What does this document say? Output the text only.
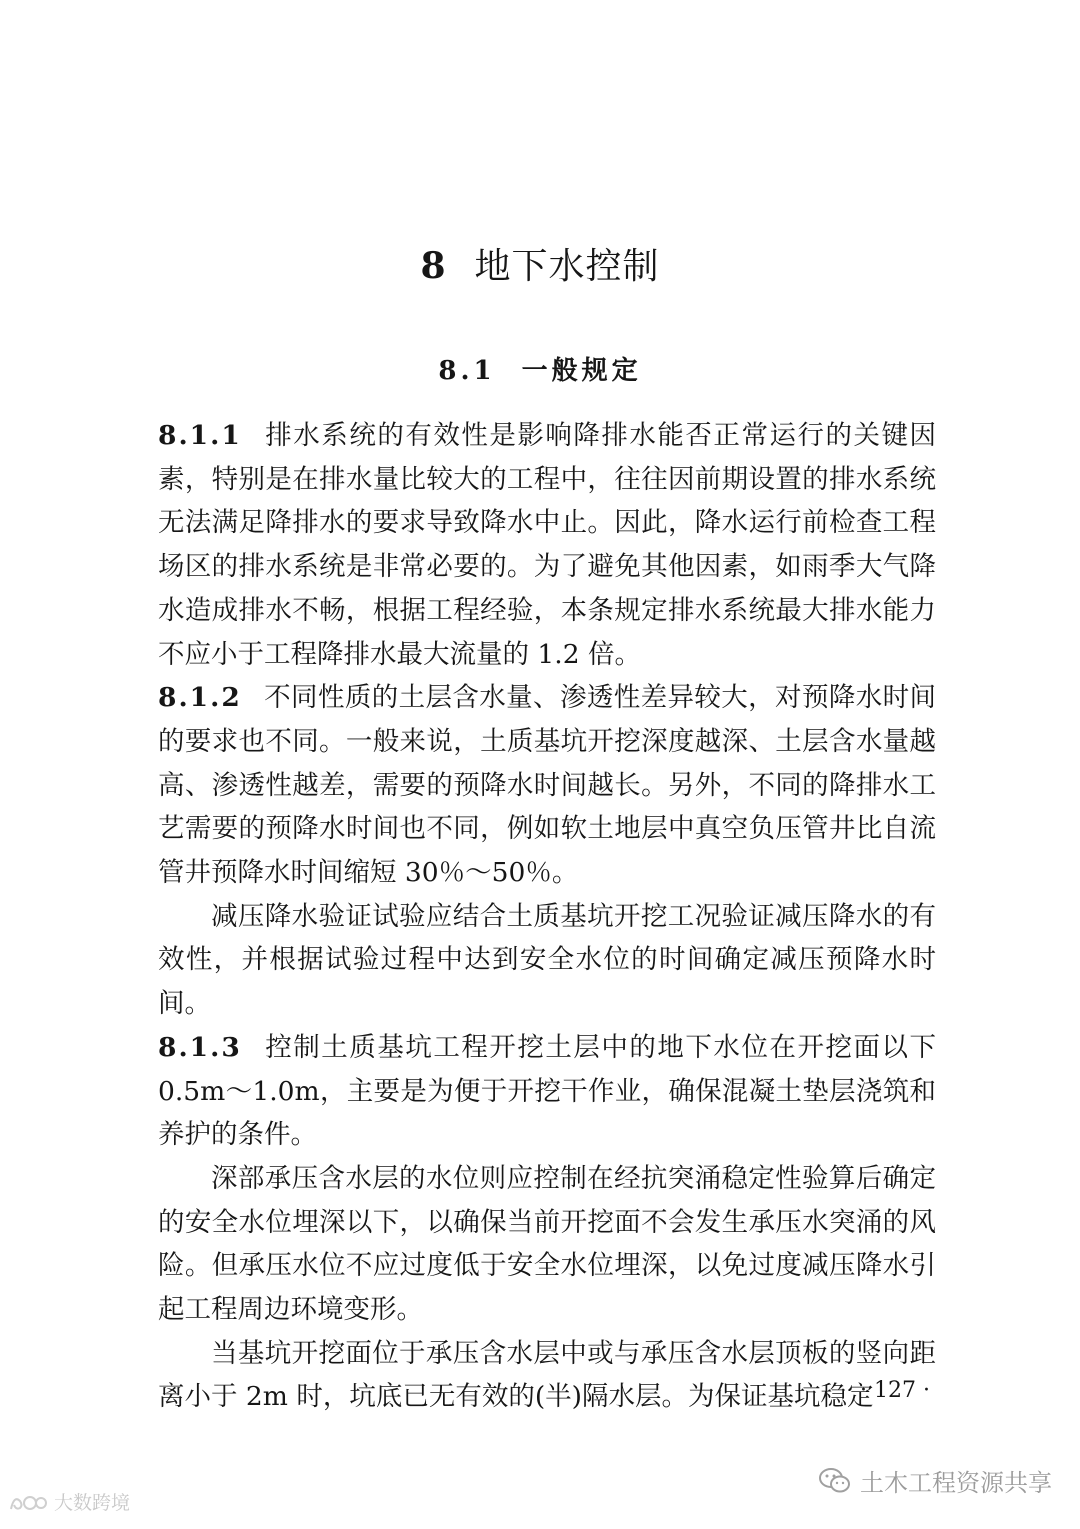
8 地下水控制
8.1 一般规定

8.1.1 排水系统的有效性是影响降排水能否正常运行的关键因素，特别是在排水量比较大的工程中，往往因前期设置的排水系统无法满足降排水的要求导致降水中止。因此，降水运行前检查工程场区的排水系统是非常必要的。为了避免其他因素，如雨季大气降水造成排水不畅，根据工程经验，本条规定排水系统最大排水能力不应小于工程降排水最大流量的 1.2 倍。

8.1.2 不同性质的土层含水量、渗透性差异较大，对预降水时间的要求也不同。一般来说，土质基坑开挖深度越深、土层含水量越高、渗透性越差，需要的预降水时间越长。另外，不同的降排水工艺需要的预降水时间也不同，例如软土地层中真空负压管井比自流管井预降水时间缩短 30％～50％。

减压降水验证试验应结合土质基坑开挖工况验证减压降水的有效性，并根据试验过程中达到安全水位的时间确定减压预降水时间。

8.1.3 控制土质基坑工程开挖土层中的地下水位在开挖面以下 0.5m～1.0m，主要是为便于开挖干作业，确保混凝土垫层浇筑和养护的条件。

深部承压含水层的水位则应控制在经抗突涌稳定性验算后确定的安全水位埋深以下，以确保当前开挖面不会发生承压水突涌的风险。但承压水位不应过度低于安全水位埋深，以免过度减压降水引起工程周边环境变形。

当基坑开挖面位于承压含水层中或与承压含水层顶板的竖向距离小于 2m 时，坑底已无有效的(半)隔水层。为保证基坑稳定

· 127 ·
大数跨境
土木工程资源共享
